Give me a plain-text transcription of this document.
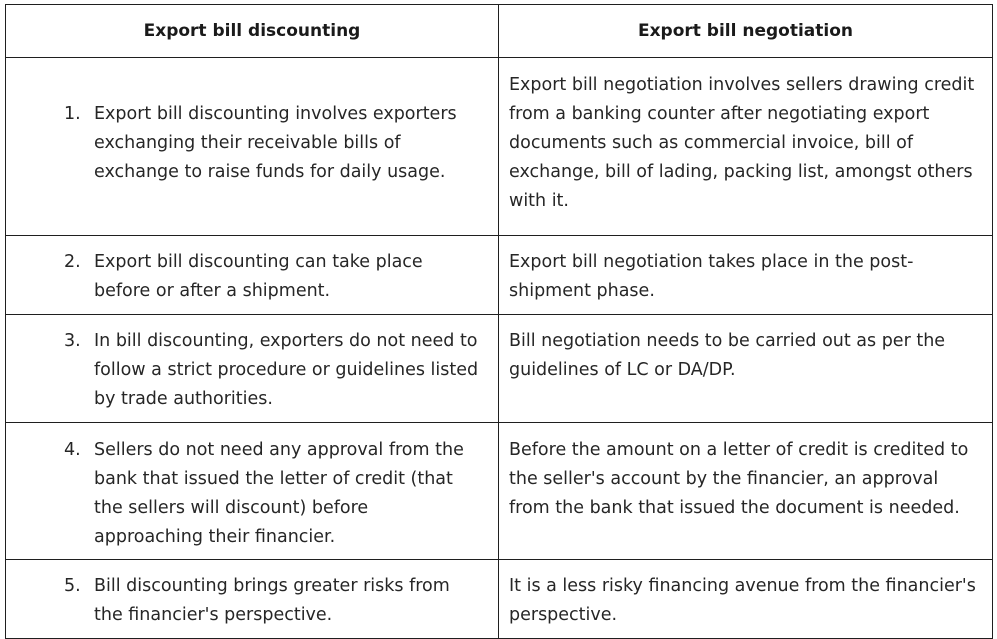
Export bill discounting	Export bill negotiation

1. Export bill discounting involves exporters exchanging their receivable bills of exchange to raise funds for daily usage.	Export bill negotiation involves sellers drawing credit from a banking counter after negotiating export documents such as commercial invoice, bill of exchange, bill of lading, packing list, amongst others with it.

2. Export bill discounting can take place before or after a shipment.	Export bill negotiation takes place in the post-shipment phase.

3. In bill discounting, exporters do not need to follow a strict procedure or guidelines listed by trade authorities.	Bill negotiation needs to be carried out as per the guidelines of LC or DA/DP.

4. Sellers do not need any approval from the bank that issued the letter of credit (that the sellers will discount) before approaching their financier.	Before the amount on a letter of credit is credited to the seller's account by the financier, an approval from the bank that issued the document is needed.

5. Bill discounting brings greater risks from the financier's perspective.	It is a less risky financing avenue from the financier's perspective.
